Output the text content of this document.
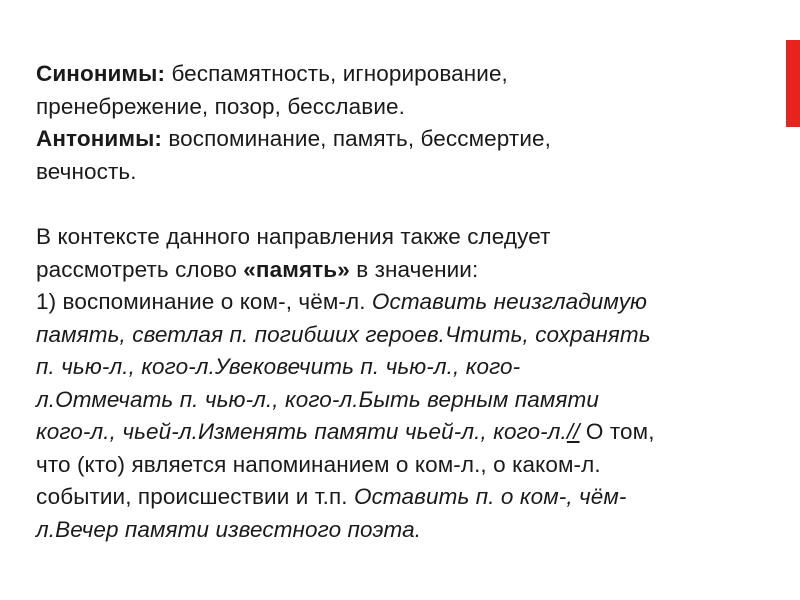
Синонимы: беспамятность, игнорирование,

пренебрежение, позор, бесславие.

Антонимы: воспоминание, память, бессмертие,

вечность.

В контексте данного направления также следует

рассмотреть слово «память» в значении:

1) воспоминание о ком-, чём-л. Оставить неизгладимую

память, светлая п. погибших героев.Чтить, сохранять

п. чью-л., кого-л.Увековечить п. чью-л., кого-

л.Отмечать п. чью-л., кого-л.Быть верным памяти

кого-л., чьей-л.Изменять памяти чьей-л., кого-л.// О том,

что (кто) является напоминанием о ком-л., о каком-л.

событии, происшествии и т.п. Оставить п. о ком-, чём-

л.Вечер памяти известного поэта.
